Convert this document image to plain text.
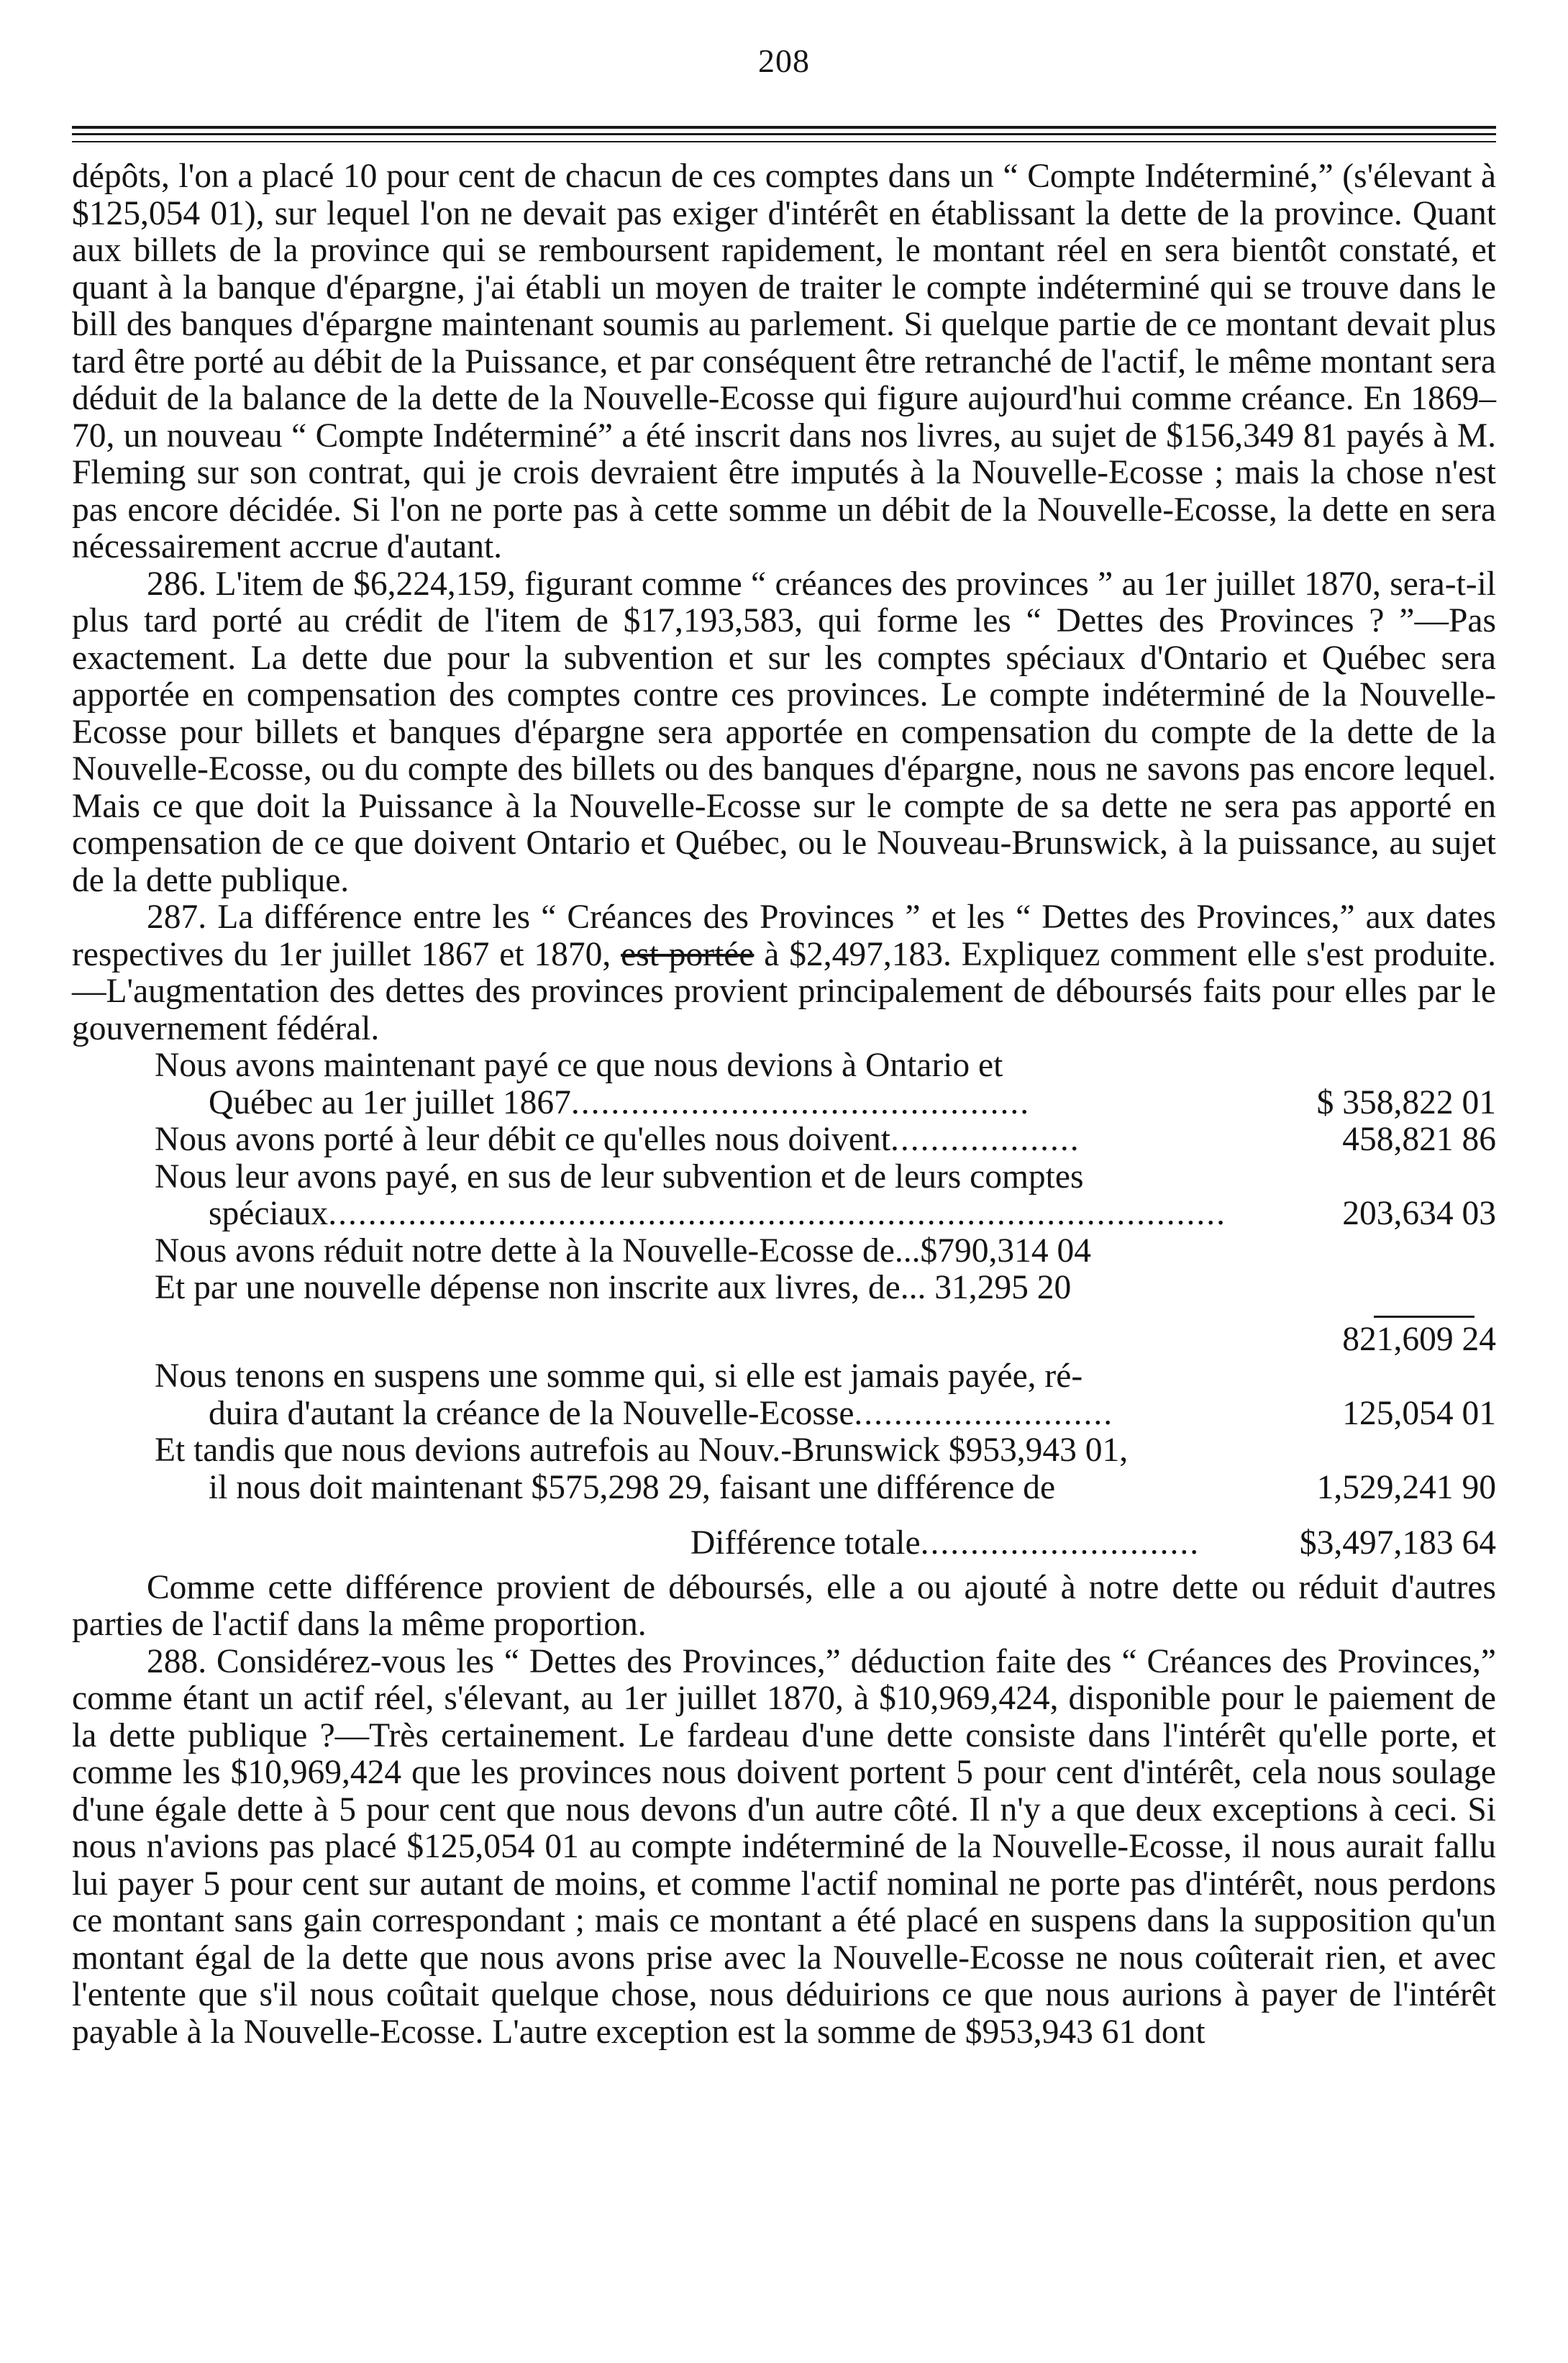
208

dépôts, l'on a placé 10 pour cent de chacun de ces comptes dans un “ Compte Indéterminé,” (s'élevant à $125,054 01), sur lequel l'on ne devait pas exiger d'intérêt en établissant la dette de la province. Quant aux billets de la province qui se remboursent rapidement, le montant réel en sera bientôt constaté, et quant à la banque d'épargne, j'ai établi un moyen de traiter le compte indéterminé qui se trouve dans le bill des banques d'épargne maintenant soumis au parlement. Si quelque partie de ce montant devait plus tard être porté au débit de la Puissance, et par conséquent être retranché de l'actif, le même montant sera déduit de la balance de la dette de la Nouvelle-Ecosse qui figure aujourd'hui comme créance. En 1869–70, un nouveau “ Compte Indéterminé” a été inscrit dans nos livres, au sujet de $156,349 81 payés à M. Fleming sur son contrat, qui je crois devraient être imputés à la Nouvelle-Ecosse ; mais la chose n'est pas encore décidée. Si l'on ne porte pas à cette somme un débit de la Nouvelle-Ecosse, la dette en sera nécessairement accrue d'autant.

286. L'item de $6,224,159, figurant comme “ créances des provinces ” au 1er juillet 1870, sera-t-il plus tard porté au crédit de l'item de $17,193,583, qui forme les “ Dettes des Provinces ? ”—Pas exactement. La dette due pour la subvention et sur les comptes spéciaux d'Ontario et Québec sera apportée en compensation des comptes contre ces provinces. Le compte indéterminé de la Nouvelle-Ecosse pour billets et banques d'épargne sera apportée en compensation du compte de la dette de la Nouvelle-Ecosse, ou du compte des billets ou des banques d'épargne, nous ne savons pas encore lequel. Mais ce que doit la Puissance à la Nouvelle-Ecosse sur le compte de sa dette ne sera pas apporté en compensation de ce que doivent Ontario et Québec, ou le Nouveau-Brunswick, à la puissance, au sujet de la dette publique.

287. La différence entre les “ Créances des Provinces ” et les “ Dettes des Provinces,” aux dates respectives du 1er juillet 1867 et 1870, est portée à $2,497,183. Expliquez comment elle s'est produite.—L'augmentation des dettes des provinces provient principalement de déboursés faits pour elles par le gouvernement fédéral.

Nous avons maintenant payé ce que nous devions à Ontario et
Québec au 1er juillet 1867..............................................	$ 358,822 01
Nous avons porté à leur débit ce qu'elles nous doivent...................	458,821 86
Nous leur avons payé, en sus de leur subvention et de leurs comptes
spéciaux..........................................................................................	203,634 03
Nous avons réduit notre dette à la Nouvelle-Ecosse de...$790,314 04
Et par une nouvelle dépense non inscrite aux livres, de... 31,295 20
821,609 24
Nous tenons en suspens une somme qui, si elle est jamais payée, ré-
duira d'autant la créance de la Nouvelle-Ecosse..........................	125,054 01
Et tandis que nous devions autrefois au Nouv.-Brunswick $953,943 01,
il nous doit maintenant $575,298 29, faisant une différence de	1,529,241 90
Différence totale............................	$3,497,183 64

Comme cette différence provient de déboursés, elle a ou ajouté à notre dette ou réduit d'autres parties de l'actif dans la même proportion.

288. Considérez-vous les “ Dettes des Provinces,” déduction faite des “ Créances des Provinces,” comme étant un actif réel, s'élevant, au 1er juillet 1870, à $10,969,424, disponible pour le paiement de la dette publique ?—Très certainement. Le fardeau d'une dette consiste dans l'intérêt qu'elle porte, et comme les $10,969,424 que les provinces nous doivent portent 5 pour cent d'intérêt, cela nous soulage d'une égale dette à 5 pour cent que nous devons d'un autre côté. Il n'y a que deux exceptions à ceci. Si nous n'avions pas placé $125,054 01 au compte indéterminé de la Nouvelle-Ecosse, il nous aurait fallu lui payer 5 pour cent sur autant de moins, et comme l'actif nominal ne porte pas d'intérêt, nous perdons ce montant sans gain correspondant ; mais ce montant a été placé en suspens dans la supposition qu'un montant égal de la dette que nous avons prise avec la Nouvelle-Ecosse ne nous coûterait rien, et avec l'entente que s'il nous coûtait quelque chose, nous déduirions ce que nous aurions à payer de l'intérêt payable à la Nouvelle-Ecosse. L'autre exception est la somme de $953,943 61 dont
